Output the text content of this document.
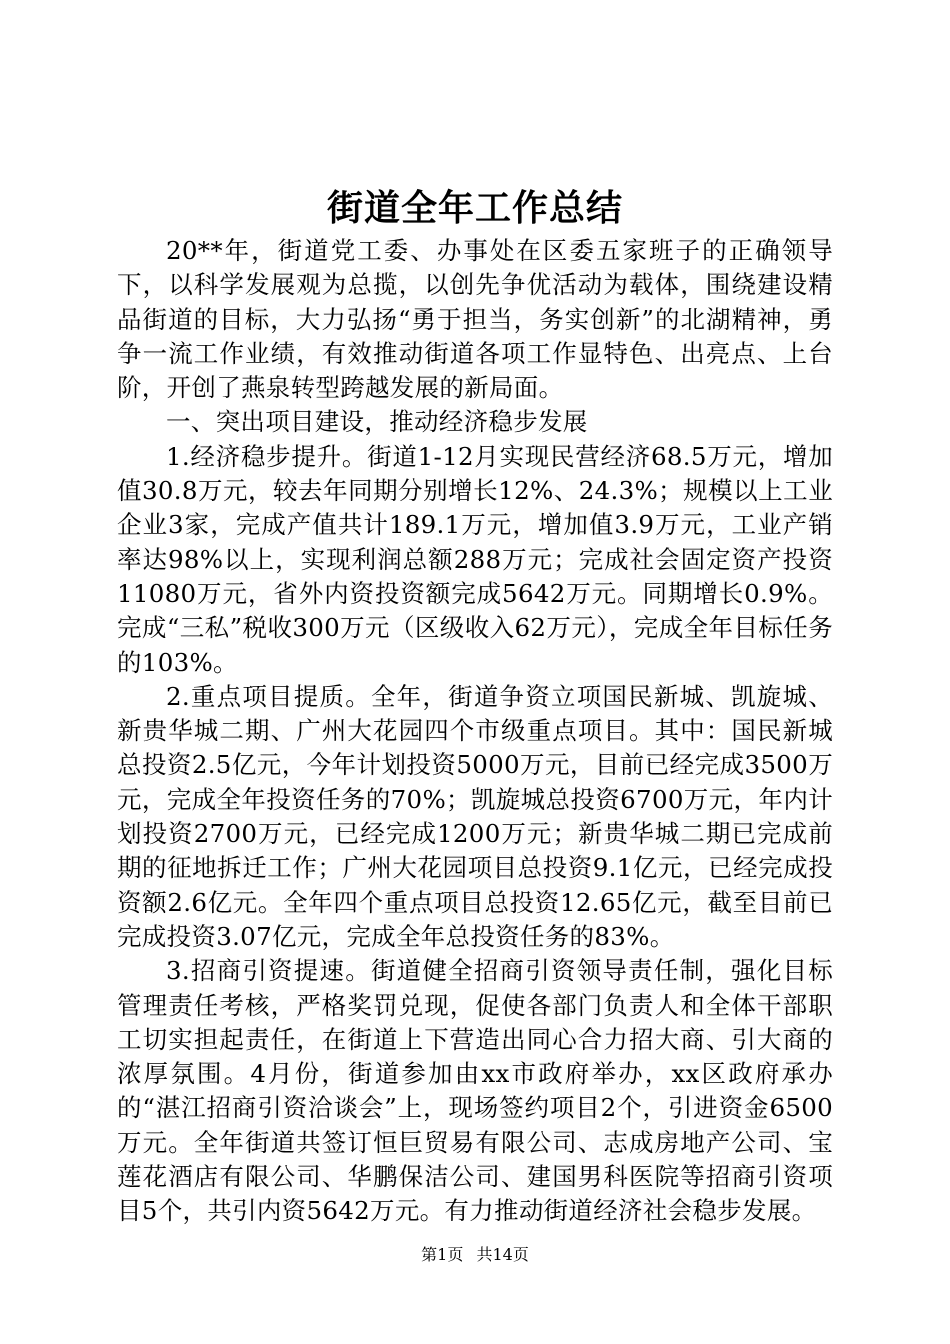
街道全年工作总结

20**年，街道党工委、办事处在区委五家班子的正确领导下，以科学发展观为总揽，以创先争优活动为载体，围绕建设精品街道的目标，大力弘扬“勇于担当，务实创新”的北湖精神，勇争一流工作业绩，有效推动街道各项工作显特色、出亮点、上台阶，开创了燕泉转型跨越发展的新局面。

一、突出项目建设，推动经济稳步发展

1.经济稳步提升。街道1-12月实现民营经济68.5万元，增加值30.8万元，较去年同期分别增长12%、24.3%；规模以上工业企业3家，完成产值共计189.1万元，增加值3.9万元，工业产销率达98%以上，实现利润总额288万元；完成社会固定资产投资11080万元，省外内资投资额完成5642万元。同期增长0.9%。完成“三私”税收300万元（区级收入62万元），完成全年目标任务的103%。

2.重点项目提质。全年，街道争资立项国民新城、凯旋城、新贵华城二期、广州大花园四个市级重点项目。其中：国民新城总投资2.5亿元，今年计划投资5000万元，目前已经完成3500万元，完成全年投资任务的70%；凯旋城总投资6700万元，年内计划投资2700万元，已经完成1200万元；新贵华城二期已完成前期的征地拆迁工作；广州大花园项目总投资9.1亿元，已经完成投资额2.6亿元。全年四个重点项目总投资12.65亿元，截至目前已完成投资3.07亿元，完成全年总投资任务的83%。

3.招商引资提速。街道健全招商引资领导责任制，强化目标管理责任考核，严格奖罚兑现，促使各部门负责人和全体干部职工切实担起责任，在街道上下营造出同心合力招大商、引大商的浓厚氛围。4月份，街道参加由xx市政府举办，xx区政府承办的“湛江招商引资洽谈会”上，现场签约项目2个，引进资金6500万元。全年街道共签订恒巨贸易有限公司、志成房地产公司、宝莲花酒店有限公司、华鹏保洁公司、建国男科医院等招商引资项目5个，共引内资5642万元。有力推动街道经济社会稳步发展。

第1页 共14页
